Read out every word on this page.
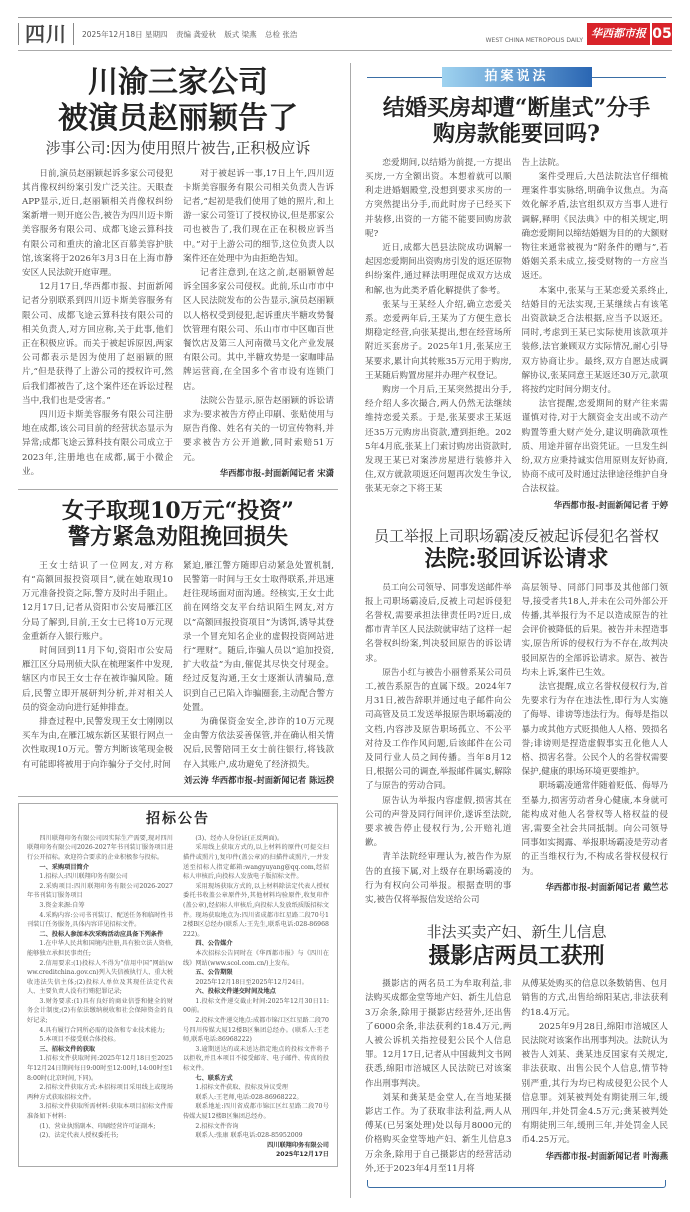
四川	2025年12月18日 星期四 责编 龚爱秋 版式 梁燕 总检 张浩
WEST CHINA METROPOLIS DAILY
华西都市报 05
川渝三家公司
被演员赵丽颖告了
涉事公司:因为使用照片被告,正积极应诉

日前,演员赵丽颖起诉多家公司侵犯其肖像权纠纷案引发广泛关注。天眼查APP显示,近日,赵丽颖相关肖像权纠纷案新增一则开庭公告,被告为四川迈卡斯美容服务有限公司、成都飞途云算科技有限公司和重庆的渝北区百慕美容护肤馆,该案将于2026年3月3日在上海市静安区人民法院开庭审理。

12月17日,华西都市报、封面新闻记者分别联系到四川迈卡斯美容服务有限公司、成都飞途云算科技有限公司的相关负责人,对方回应称,关于此事,他们正在积极应诉。而关于被起诉原因,两家公司都表示是因为使用了赵丽颖的照片,“但是获得了上游公司的授权许可,然后我们都被告了,这个案件还在诉讼过程当中,我们也是受害者。”

四川迈卡斯美容服务有限公司注册地在成都,该公司目前的经营状态显示为异常;成都飞途云算科技有限公司成立于2023年,注册地也在成都,属于小微企业。

对于被起诉一事,17日上午,四川迈卡斯美容服务有限公司相关负责人告诉记者,“起初是我们使用了她的照片,和上游一家公司签订了授权协议,但是那家公司也被告了,我们现在正在积极应诉当中。”对于上游公司的细节,这位负责人以案件还在处理中为由拒绝告知。

记者注意到,在这之前,赵丽颖曾起诉全国多家公司侵权。此前,乐山市市中区人民法院发布的公告显示,演员赵丽颖以人格权受到侵犯,起诉重庆半糖攻势餐饮管理有限公司、乐山市市中区咖百世餐饮店及第三人河南微马文化产业发展有限公司。其中,半糖攻势是一家咖啡品牌运营商,在全国多个省市设有连锁门店。

法院公告显示,原告赵丽颖的诉讼请求为:要求被告方停止印刷、张贴使用与原告肖像、姓名有关的一切宣传物料,并要求被告方公开道歉,同时索赔51万元。

华西都市报-封面新闻记者 宋潇
女子取现10万元“投资”
警方紧急劝阻挽回损失

王女士结识了一位网友,对方称有“高额回报投资项目”,就在她取现10万元准备投资之际,警方及时出手阻止。12月17日,记者从资阳市公安局雁江区分局了解到,目前,王女士已将10万元现金重新存入银行账户。

时间回到11月下旬,资阳市公安局雁江区分局刑侦大队在梳理案件中发现,辖区内市民王女士存在被诈骗风险。随后,民警立即开展研判分析,并对相关人员的资金动向进行延伸排查。

排查过程中,民警发现王女士刚刚以买车为由,在雁江城东新区某银行网点一次性取现10万元。警方判断该笔现金极有可能即将被用于向诈骗分子交付,时间

紧迫,雁江警方随即启动紧急处置机制,民警第一时间与王女士取得联系,并迅速赶往现场面对面沟通。经核实,王女士此前在网络交友平台结识陌生网友,对方以“高额回报投资项目”为诱饵,诱导其登录一个冒充知名企业的虚假投资网站进行“理财”。随后,诈骗人员以“追加投资,扩大收益”为由,催促其尽快交付现金。经过反复沟通,王女士逐渐认清骗局,意识到自己已陷入诈骗圈套,主动配合警方处置。

为确保资金安全,涉诈的10万元现金由警方依法妥善保管,并在确认相关情况后,民警陪同王女士前往银行,将钱款存入其账户,成功避免了经济损失。

刘云涛 华西都市报-封面新闻记者 陈远揆
招标公告

四川联翔印务有限公司因实际生产需要,现对四川联翔印务有限公司2026-2027年书刊装订服务项目进行公开招标。欢迎符合要求的企业积极参与投标。

一、采购项目简介

1.招标人:四川联翔印务有限公司

2.采购项目:四川联翔印务有限公司2026-2027年书刊装订服务项目

3.资金来源:自筹

4.采购内容:公司书刊装订、配送任务和临时性书刊装订任务服务,具体内容详见招标文件。

二、投标人参加本次采购活动应具备下列条件

1.在中华人民共和国境内注册,具有独立法人资格,能够独立承担民事责任;

2.信用要求:(1)投标人不得为“信用中国”网站(www.creditchina.gov.cn)列入失信被执行人、重大税收违法失信主体;(2)投标人单位及其现任法定代表人、主要负责人没有行贿犯罪记录;

3.财务要求:(1)具有良好的商业信誉和健全的财务会计制度;(2)有依法缴纳税收和社会保障资金的良好记录;

4.具有履行合同所必需的设备和专业技术能力;

5.本项目不接受联合体投标。

三、招标文件的获取

1.招标文件获取时间:2025年12月18日至2025年12月24日期间每日9:00时至12:00时,14:00时至18:00时(北京时间,下同)。

2.招标文件获取方式:本招标项目采用线上或现场两种方式获取招标文件。

3.招标文件获取所需材料:获取本项目招标文件需准备如下材料:

(1)、营业执照副本、印刷经营许可证副本;

(2)、法定代表人授权委托书;

(3)、经办人身份证(正反两面)。

采用线上获取方式的,以上材料的原件(可提交扫描件或照片),复印件(盖公章)的扫描件或照片,一并发送至招标人指定邮箱:wangyuyang@qq.com,经招标人审核后,向投标人发放电子版招标文件。

采用现场获取方式的,以上材料除法定代表人授权委托书收盖公章原件外,其他材料均验原件,收复印件(盖公章),经招标人审核后,向投标人发放纸质版招标文件。现场获取地点为:四川省成都市红星路二段70号12楼B区总经办(联系人:王先生,联系电话:028-86968222)。

四、公告媒介

本次招标公告同时在《华西都市报》与《四川在线》网站(www.scol.com.cn/)上发布。

五、公告期限

2025年12月18日至2025年12月24日。

六、投标文件递交时间及地点

1.投标文件递交截止时间:2025年12月30日11:00前。

2.投标文件递交地点:成都市锦江区红星路二段70号四川传媒大厦12楼B区集团总经办。(联系人:王老师,联系电话:86968222)

3.逾期送达的或未送达指定地点的投标文件将予以拒收,并且本项目不接受邮寄、电子邮件、传真的投标文件。

七、联系方式

1.招标文件获取、投标及异议受理

联系人:王老师,电话:028-86968222。

联系地址:四川省成都市锦江区红星路二段70号传媒大厦12楼B区集团总经办。

2.招标文件咨询

联系人:张康 联系电话:028-85952009

四川联翔印务有限公司

2025年12月17日

拍案说法
结婚买房却遭“断崖式”分手
购房款能要回吗?

恋爱期间,以结婚为前提,一方提出买房,一方全额出资。本想着就可以顺利走进婚姻殿堂,没想到要求买房的一方突然提出分手,而此时房子已经买下并装修,出资的一方能不能要回购房款呢?

近日,成都大邑县法院成功调解一起因恋爱期间出资购房引发的返还原物纠纷案件,通过释法明理促成双方达成和解,也为此类矛盾化解提供了参考。

张某与王某经人介绍,确立恋爱关系。恋爱两年后,王某为了方便生意长期稳定经营,向张某提出,想在经营场所附近买套房子。2025年1月,张某应王某要求,累计向其转账35万元用于购房,王某随后购置房屋并办理产权登记。

购房一个月后,王某突然提出分手,经介绍人多次撮合,两人仍然无法继续维持恋爱关系。于是,张某要求王某返还35万元购房出资款,遭到拒绝。2025年4月底,张某上门索讨购房出资款时,发现王某已对案涉房屋进行装修并入住,双方就款项返还问题再次发生争议,张某无奈之下将王某

告上法院。

案件受理后,大邑法院法官仔细梳理案件事实脉络,明确争议焦点。为高效化解矛盾,法官组织双方当事人进行调解,释明《民法典》中的相关规定,明确恋爱期间以缔结婚姻为目的的大额财物往来通常被视为“附条件的赠与”,若婚姻关系未成立,接受财物的一方应当返还。

本案中,张某与王某恋爱关系终止,结婚目的无法实现,王某继续占有该笔出资款缺乏合法根据,应当予以返还。同时,考虑到王某已实际使用该款项并装修,法官兼顾双方实际情况,耐心引导双方协商让步。最终,双方自愿达成调解协议,张某同意王某返还30万元,款项将按约定时间分期支付。

法官提醒,恋爱期间的财产往来需谨慎对待,对于大额资金支出或不动产购置等重大财产处分,建议明确款项性质、用途并留存出资凭证。一旦发生纠纷,双方应秉持诚实信用原则友好协商,协商不成可及时通过法律途径维护自身合法权益。

华西都市报-封面新闻记者 于婷
员工举报上司职场霸凌反被起诉侵犯名誉权
法院:驳回诉讼请求

员工向公司领导、同事发送邮件举报上司职场霸凌后,反被上司起诉侵犯名誉权,需要承担法律责任吗?近日,成都市青羊区人民法院就审结了这样一起名誉权纠纷案,判决驳回原告的诉讼请求。

原告小红与被告小丽曾系某公司员工,被告系原告的直属下级。2024年7月31日,被告辞职并通过电子邮件向公司高管及员工发送举报原告职场霸凌的文档,内容涉及原告职场孤立、不公平对待及工作作风问题,后该邮件在公司及同行业人员之间传播。当年8月12日,根据公司的调查,举报邮件属实,解除了与原告的劳动合同。

原告认为举报内容虚假,损害其在公司的声誉及同行间评价,遂诉至法院,要求被告停止侵权行为,公开赔礼道歉。

青羊法院经审理认为,被告作为原告的直接下属,对上级存在职场霸凌的行为有权向公司举报。根据查明的事实,被告仅将举报信发送给公司

高层领导、同部门同事及其他部门领导,接受者共18人,并未在公司外部公开传播,其举报行为不足以造成原告的社会评价被降低的后果。被告并未捏造事实,原告所诉的侵权行为不存在,故判决驳回原告的全部诉讼请求。原告、被告均未上诉,案件已生效。

法官提醒,成立名誉权侵权行为,首先要求行为存在违法性,即行为人实施了侮辱、诽谤等违法行为。侮辱是指以暴力或其他方式贬损他人人格、毁损名誉;诽谤则是捏造虚假事实丑化他人人格、损害名誉。公民个人的名誉权需要保护,健康的职场环境更要维护。

职场霸凌通常伴随着贬低、侮辱乃至暴力,损害劳动者身心健康,本身就可能构成对他人名誉权等人格权益的侵害,需要全社会共同抵制。向公司领导同事如实揭露、举报职场霸凌是劳动者的正当维权行为,不构成名誉权侵权行为。

华西都市报-封面新闻记者 戴竺芯
非法买卖产妇、新生儿信息
摄影店两员工获刑

摄影店的两名员工为牟取利益,非法购买成都金堂等地产妇、新生儿信息3万余条,除用于摄影店经营外,还出售了6000余条,非法获利约18.4万元,两人被公诉机关指控侵犯公民个人信息罪。12月17日,记者从中国裁判文书网获悉,绵阳市涪城区人民法院已对该案作出刑事判决。

刘某和龚某是金堂人,在当地某摄影店工作。为了获取非法利益,两人从傅某(已另案处理)处以每月8000元的价格购买金堂等地产妇、新生儿信息3万余条,除用于自己摄影店的经营活动外,还于2023年4月至11月将

从傅某处购买的信息以条数销售、包月销售的方式,出售给绵阳某店,非法获利约18.4万元。

2025年9月28日,绵阳市涪城区人民法院对该案作出刑事判决。法院认为被告人刘某、龚某违反国家有关规定,非法获取、出售公民个人信息,情节特别严重,其行为均已构成侵犯公民个人信息罪。刘某被判处有期徒刑三年,缓刑四年,并处罚金4.5万元;龚某被判处有期徒刑三年,缓刑三年,并处罚金人民币4.25万元。

华西都市报-封面新闻记者 叶海燕
